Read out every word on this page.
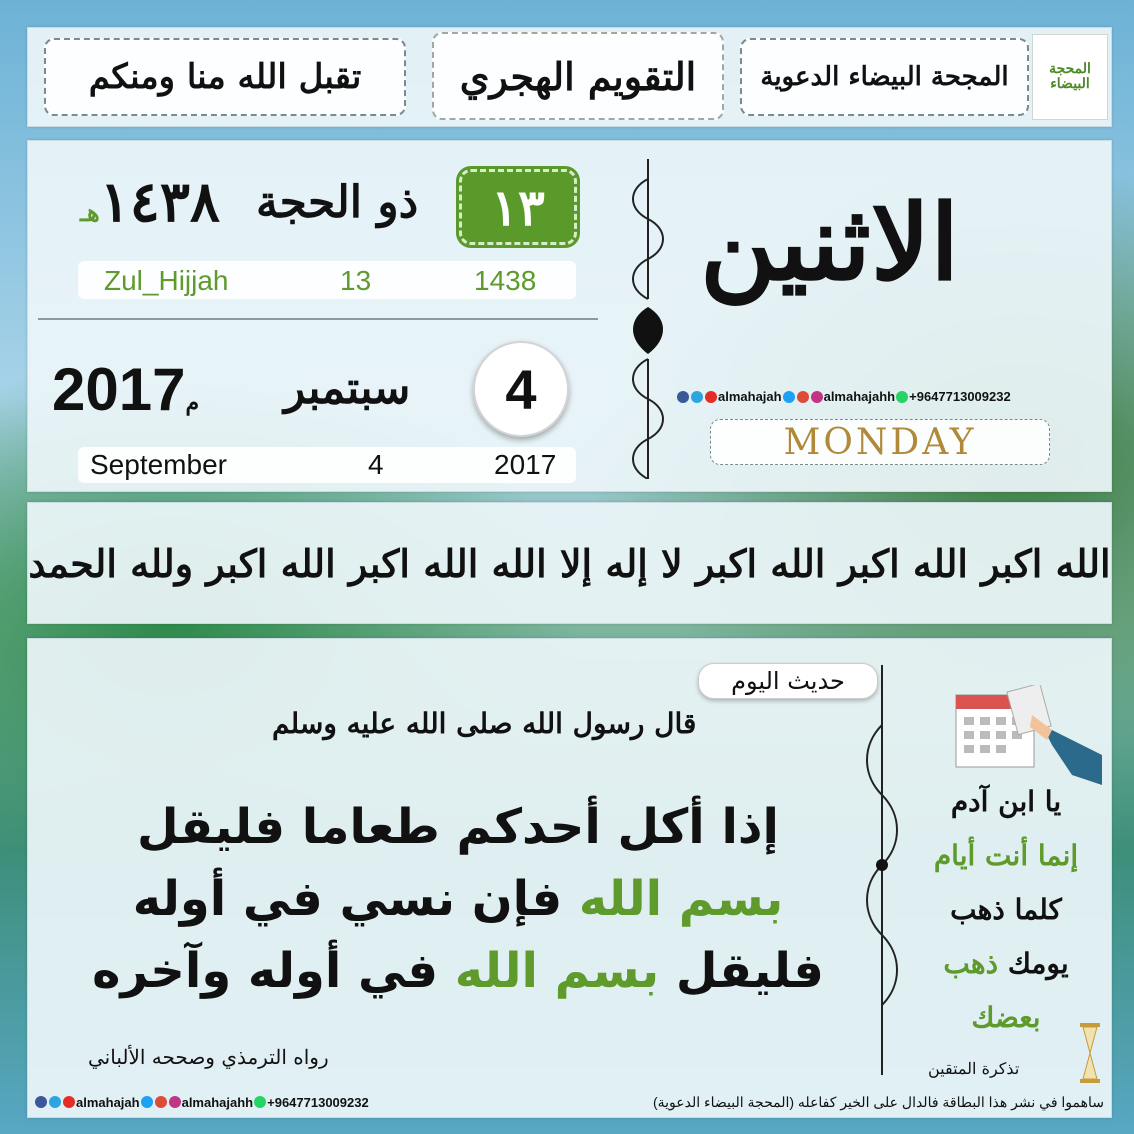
تقبل الله منا ومنكم	التقويم الهجري المجحة البيضاء الدعوية	المحجة البيضاء
١٤٣٨هـ	ذو الحجة ١٣
Zul_Hijjah	13	1438
2017م سبتمبر 4
September	4	2017
الاثنين
almahajah	almahajahh +9647713009232
MONDAY
الله اكبر الله اكبر الله اكبر لا إله إلا الله الله اكبر الله اكبر ولله الحمد
حديث اليوم
قال رسول الله صلى الله عليه وسلم
إذا أكل أحدكم طعاما فليقل
بسم الله فإن نسي في أوله
فليقل بسم الله في أوله وآخره
رواه الترمذي وصححه الألباني
يا ابن آدم
إنما أنت أيام
كلما ذهب
يومك ذهب
بعضك
تذكرة المتقين
almahajah	almahajahh +9647713009232	(المحجة البيضاء الدعوية) ساهموا في نشر هذا البطاقة فالدال على الخير كفاعله
